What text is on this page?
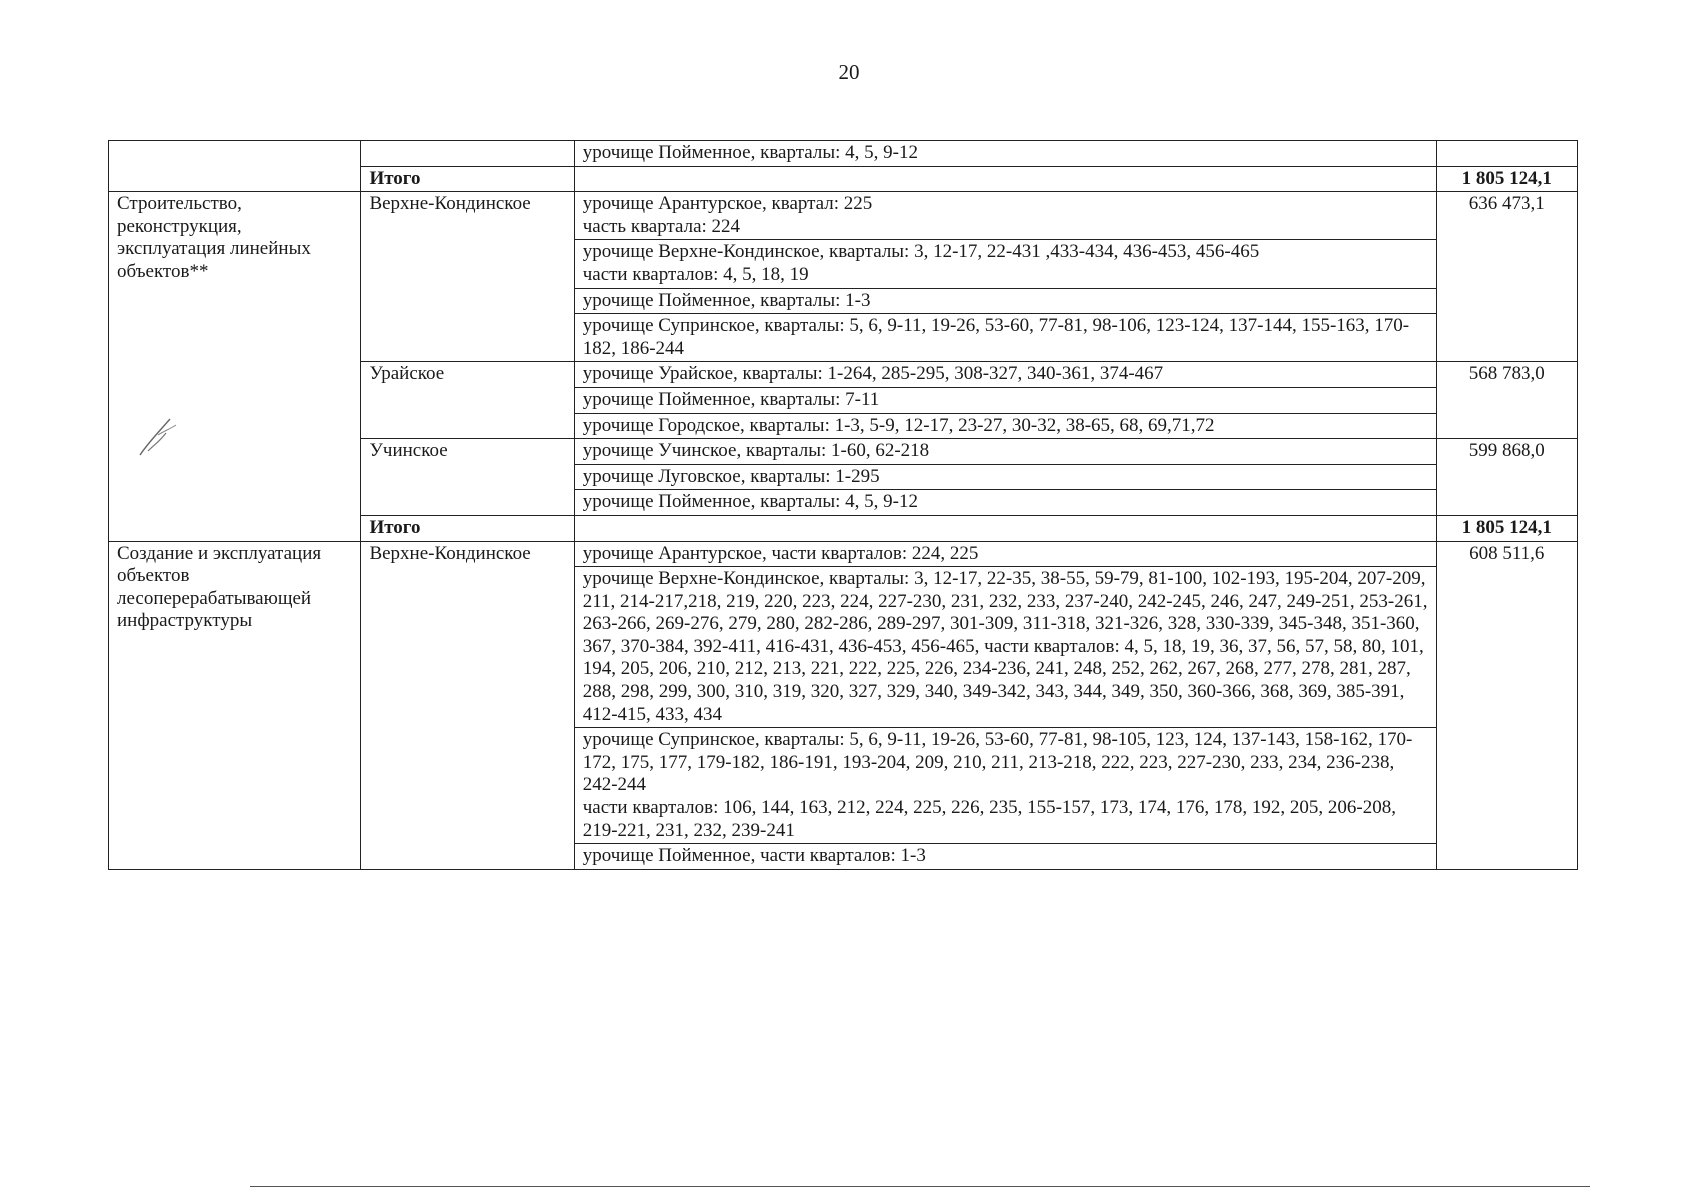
20

		урочище Пойменное, кварталы: 4, 5, 9-12	

	Итого		1 805 124,1
Строительство, реконструкция, эксплуатация линейных объектов**	Верхне-Кондинское	урочище Арантурское, квартал: 225
часть квартала: 224	636 473,1

		урочище Верхне-Кондинское, кварталы: 3, 12-17, 22-431 ,433-434, 436-453, 456-465
части кварталов: 4, 5, 18, 19	

		урочище Пойменное, кварталы: 1-3	

		урочище Супринское, кварталы: 5, 6, 9-11, 19-26, 53-60, 77-81, 98-106, 123-124, 137-144, 155-163, 170-182, 186-244	

	Урайское	урочище Урайское, кварталы: 1-264, 285-295, 308-327, 340-361, 374-467	568 783,0

		урочище Пойменное, кварталы: 7-11	

		урочище Городское, кварталы: 1-3, 5-9, 12-17, 23-27, 30-32, 38-65, 68, 69,71,72	

	Учинское	урочище Учинское, кварталы: 1-60, 62-218	599 868,0

		урочище Луговское, кварталы: 1-295	

		урочище Пойменное, кварталы: 4, 5, 9-12	

	Итого		1 805 124,1
Создание и эксплуатация объектов лесоперерабатывающей инфраструктуры	Верхне-Кондинское	урочище Арантурское, части кварталов: 224, 225	608 511,6

		урочище Верхне-Кондинское, кварталы: 3, 12-17, 22-35, 38-55, 59-79, 81-100, 102-193, 195-204, 207-209, 211, 214-217,218, 219, 220, 223, 224, 227-230, 231, 232, 233, 237-240, 242-245, 246, 247, 249-251, 253-261, 263-266, 269-276, 279, 280, 282-286, 289-297, 301-309, 311-318, 321-326, 328, 330-339, 345-348, 351-360, 367, 370-384, 392-411, 416-431, 436-453, 456-465, части кварталов: 4, 5, 18, 19, 36, 37, 56, 57, 58, 80, 101, 194, 205, 206, 210, 212, 213, 221, 222, 225, 226, 234-236, 241, 248, 252, 262, 267, 268, 277, 278, 281, 287, 288, 298, 299, 300, 310, 319, 320, 327, 329, 340, 349-342, 343, 344, 349, 350, 360-366, 368, 369, 385-391, 412-415, 433, 434	

		урочище Супринское, кварталы: 5, 6, 9-11, 19-26, 53-60, 77-81, 98-105, 123, 124, 137-143, 158-162, 170-172, 175, 177, 179-182, 186-191, 193-204, 209, 210, 211, 213-218, 222, 223, 227-230, 233, 234, 236-238, 242-244
части кварталов: 106, 144, 163, 212, 224, 225, 226, 235, 155-157, 173, 174, 176, 178, 192, 205, 206-208, 219-221, 231, 232, 239-241	

		урочище Пойменное, части кварталов: 1-3	
